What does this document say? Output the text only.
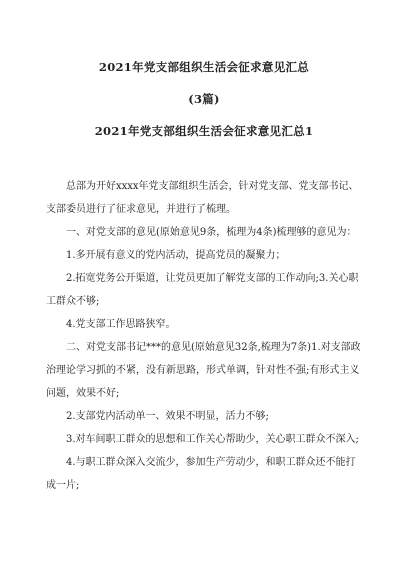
2021年党支部组织生活会征求意见汇总

(3篇)

2021年党支部组织生活会征求意见汇总1

总部为开好xxxx年党支部组织生活会，针对党支部、党支部书记、支部委员进行了征求意见，并进行了梳理。

一、对党支部的意见(原始意见9条，梳理为4条)梳理够的意见为：

1.多开展有意义的党内活动，提高党员的凝聚力；

2.拓宽党务公开渠道，让党员更加了解党支部的工作动向;3.关心职工群众不够;

4.党支部工作思路狭窄。

二、对党支部书记***的意见(原始意见32条,梳理为7条)1.对支部政治理论学习抓的不紧，没有新思路，形式单调，针对性不强;有形式主义问题，效果不好;

2.支部党内活动单一、效果不明显，活力不够;

3.对车间职工群众的思想和工作关心帮助少，关心职工群众不深入;

4.与职工群众深入交流少，参加生产劳动少，和职工群众还不能打成一片;
